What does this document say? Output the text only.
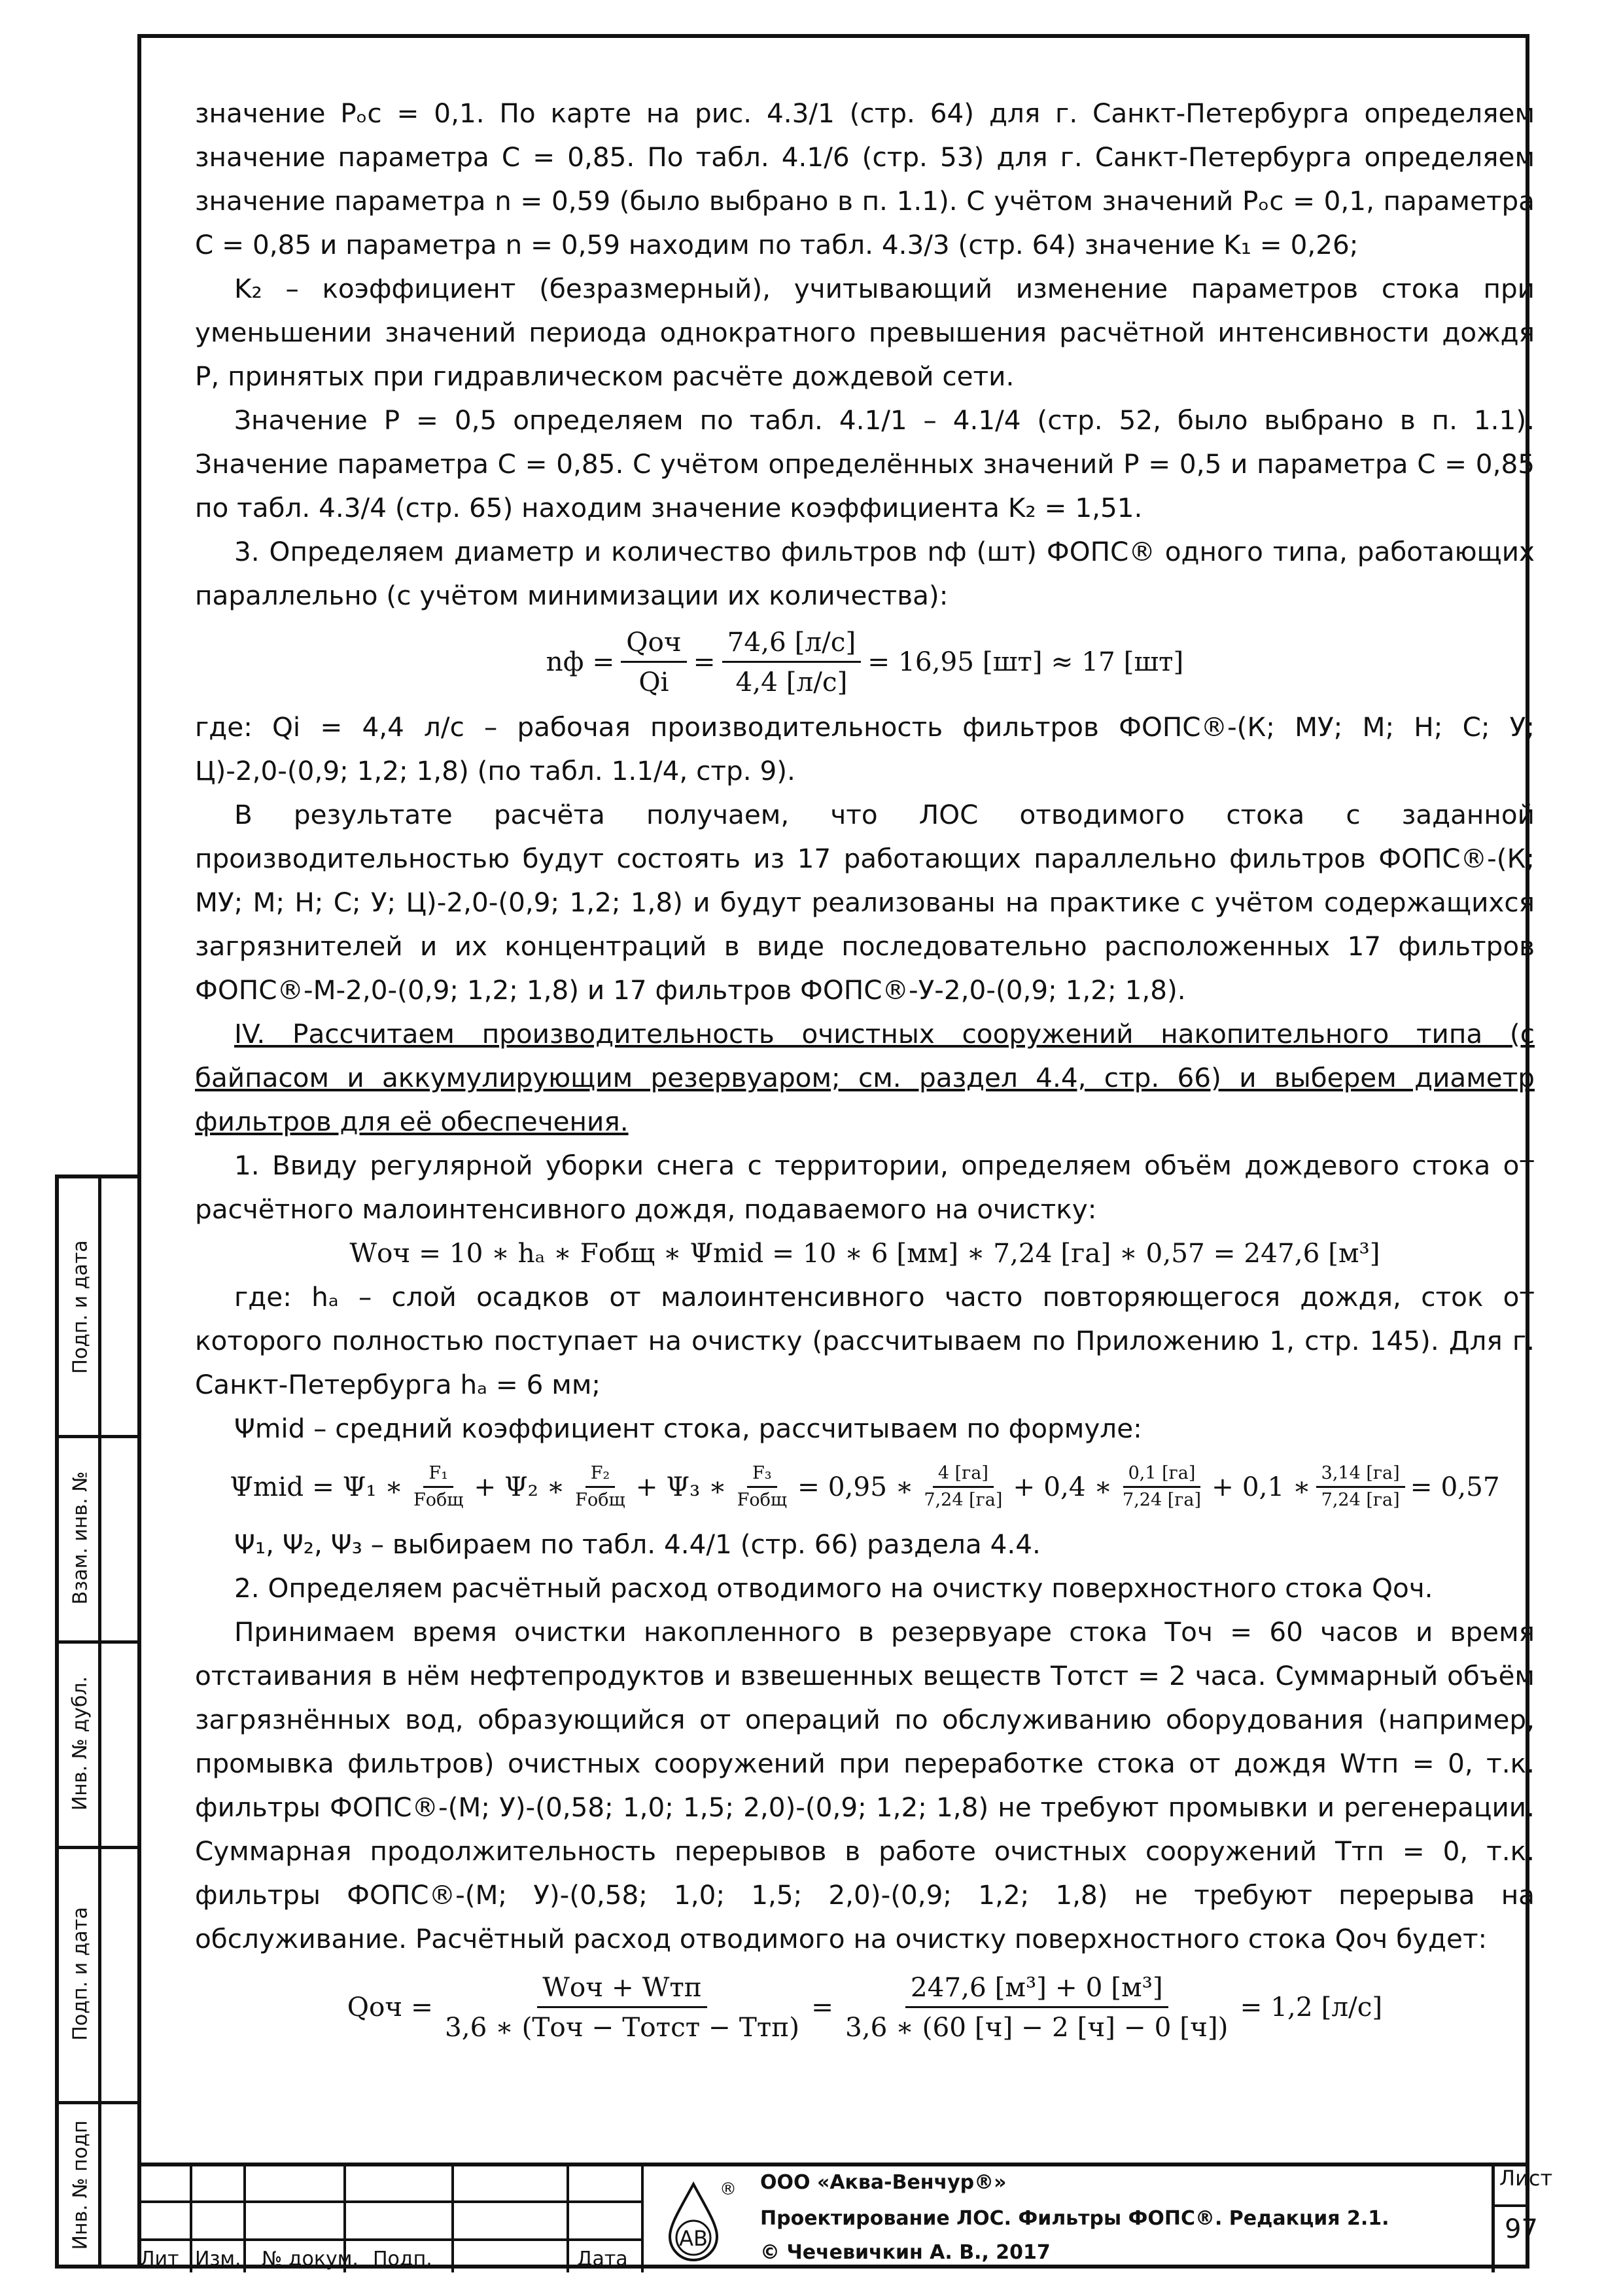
значение Pₒс = 0,1. По карте на рис. 4.3/1 (стр. 64) для г. Санкт‑Петербурга определяем значение параметра C = 0,85. По табл. 4.1/6 (стр. 53) для г. Санкт‑Петербурга определяем значение параметра n = 0,59 (было выбрано в п. 1.1). С учётом значений Pₒс = 0,1, параметра C = 0,85 и параметра n = 0,59 находим по табл. 4.3/3 (стр. 64) значение K₁ = 0,26;

K₂ – коэффициент (безразмерный), учитывающий изменение параметров стока при уменьшении значений периода однократного превышения расчётной интенсивности дождя P, принятых при гидравлическом расчёте дождевой сети.

Значение P = 0,5 определяем по табл. 4.1/1 – 4.1/4 (стр. 52, было выбрано в п. 1.1). Значение параметра C = 0,85. С учётом определённых значений P = 0,5 и параметра C = 0,85 по табл. 4.3/4 (стр. 65) находим значение коэффициента K₂ = 1,51.

3. Определяем диаметр и количество фильтров nф (шт) ФОПС® одного типа, работающих параллельно (с учётом минимизации их количества):

nф = $\frac{\text{Qоч}}{Qi} = \frac{74,6 [л/с]}{4,4 [л/с]} = 16,95$ [шт] ≈ 17 [шт]

где: Qi = 4,4 л/с – рабочая производительность фильтров ФОПС®‑(К; МУ; М; Н; С; У; Ц)‑2,0‑(0,9; 1,2; 1,8) (по табл. 1.1/4, стр. 9).

В результате расчёта получаем, что ЛОС отводимого стока с заданной производительностью будут состоять из 17 работающих параллельно фильтров ФОПС®‑(К; МУ; М; Н; С; У; Ц)‑2,0‑(0,9; 1,2; 1,8) и будут реализованы на практике с учётом содержащихся загрязнителей и их концентраций в виде последовательно расположенных 17 фильтров ФОПС®‑М‑2,0‑(0,9; 1,2; 1,8) и 17 фильтров ФОПС®‑У‑2,0‑(0,9; 1,2; 1,8).

IV. Рассчитаем производительность очистных сооружений накопительного типа (с байпасом и аккумулирующим резервуаром; см. раздел 4.4, стр. 66) и выберем диаметр фильтров для её обеспечения.

1. Ввиду регулярной уборки снега с территории, определяем объём дождевого стока от расчётного малоинтенсивного дождя, подаваемого на очистку:

Wоч = 10 ∗ hₐ ∗ Fобщ ∗ Ψmid = 10 ∗ 6 [мм] ∗ 7,24 [га] ∗ 0,57 = 247,6 [м³]

где: hₐ – слой осадков от малоинтенсивного часто повторяющегося дождя, сток от которого полностью поступает на очистку (рассчитываем по Приложению 1, стр. 145). Для г. Санкт‑Петербурга hₐ = 6 мм;

Ψmid – средний коэффициент стока, рассчитываем по формуле:

Ψmid = Ψ₁ ∗ $\frac{\text{F₁}}{\text{Fобщ}} + \Psi_2$ ∗ $\frac{\text{F₂}}{\text{Fобщ}} + \Psi_3$ ∗ $\frac{\text{F₃}}{\text{Fобщ}} = 0,95$ ∗ $\frac{4 [га]}{7,24 [га]} + 0,4$ ∗ $\frac{0,1 [га]}{7,24 [га]} + 0,1$ ∗ $\frac{3,14 [га]}{7,24 [га]} = 0,57$

Ψ₁, Ψ₂, Ψ₃ – выбираем по табл. 4.4/1 (стр. 66) раздела 4.4.

2. Определяем расчётный расход отводимого на очистку поверхностного стока Qоч.

Принимаем время очистки накопленного в резервуаре стока Tоч = 60 часов и время отстаивания в нём нефтепродуктов и взвешенных веществ Tотст = 2 часа. Суммарный объём загрязнённых вод, образующийся от операций по обслуживанию оборудования (например, промывка фильтров) очистных сооружений при переработке стока от дождя Wтп = 0, т.к. фильтры ФОПС®‑(М; У)‑(0,58; 1,0; 1,5; 2,0)‑(0,9; 1,2; 1,8) не требуют промывки и регенерации. Суммарная продолжительность перерывов в работе очистных сооружений Tтп = 0, т.к. фильтры ФОПС®‑(М; У)‑(0,58; 1,0; 1,5; 2,0)‑(0,9; 1,2; 1,8) не требуют перерыва на обслуживание. Расчётный расход отводимого на очистку поверхностного стока Qоч будет:

Qоч = $\frac{\text{Wоч + Wтп}}{\text{3,6 ∗ (Tоч − Tотст − Tтп)}} = \frac{\text{247,6 [м³] + 0 [м³]}}{3,6 ∗ (60 [ч] - 2 [ч] - 0 [ч])} = 1,2$ [л/с]
Подп. и дата
Взам. инв. №
Инв. № дубл.
Подп. и дата
Инв. № подп
Лит Изм. № докум. Подп.	Дата
АВ
® ООО «Аква‑Венчур®»
Проектирование ЛОС. Фильтры ФОПС®. Редакция 2.1.
© Чечевичкин А. В., 2017
Лист
97
